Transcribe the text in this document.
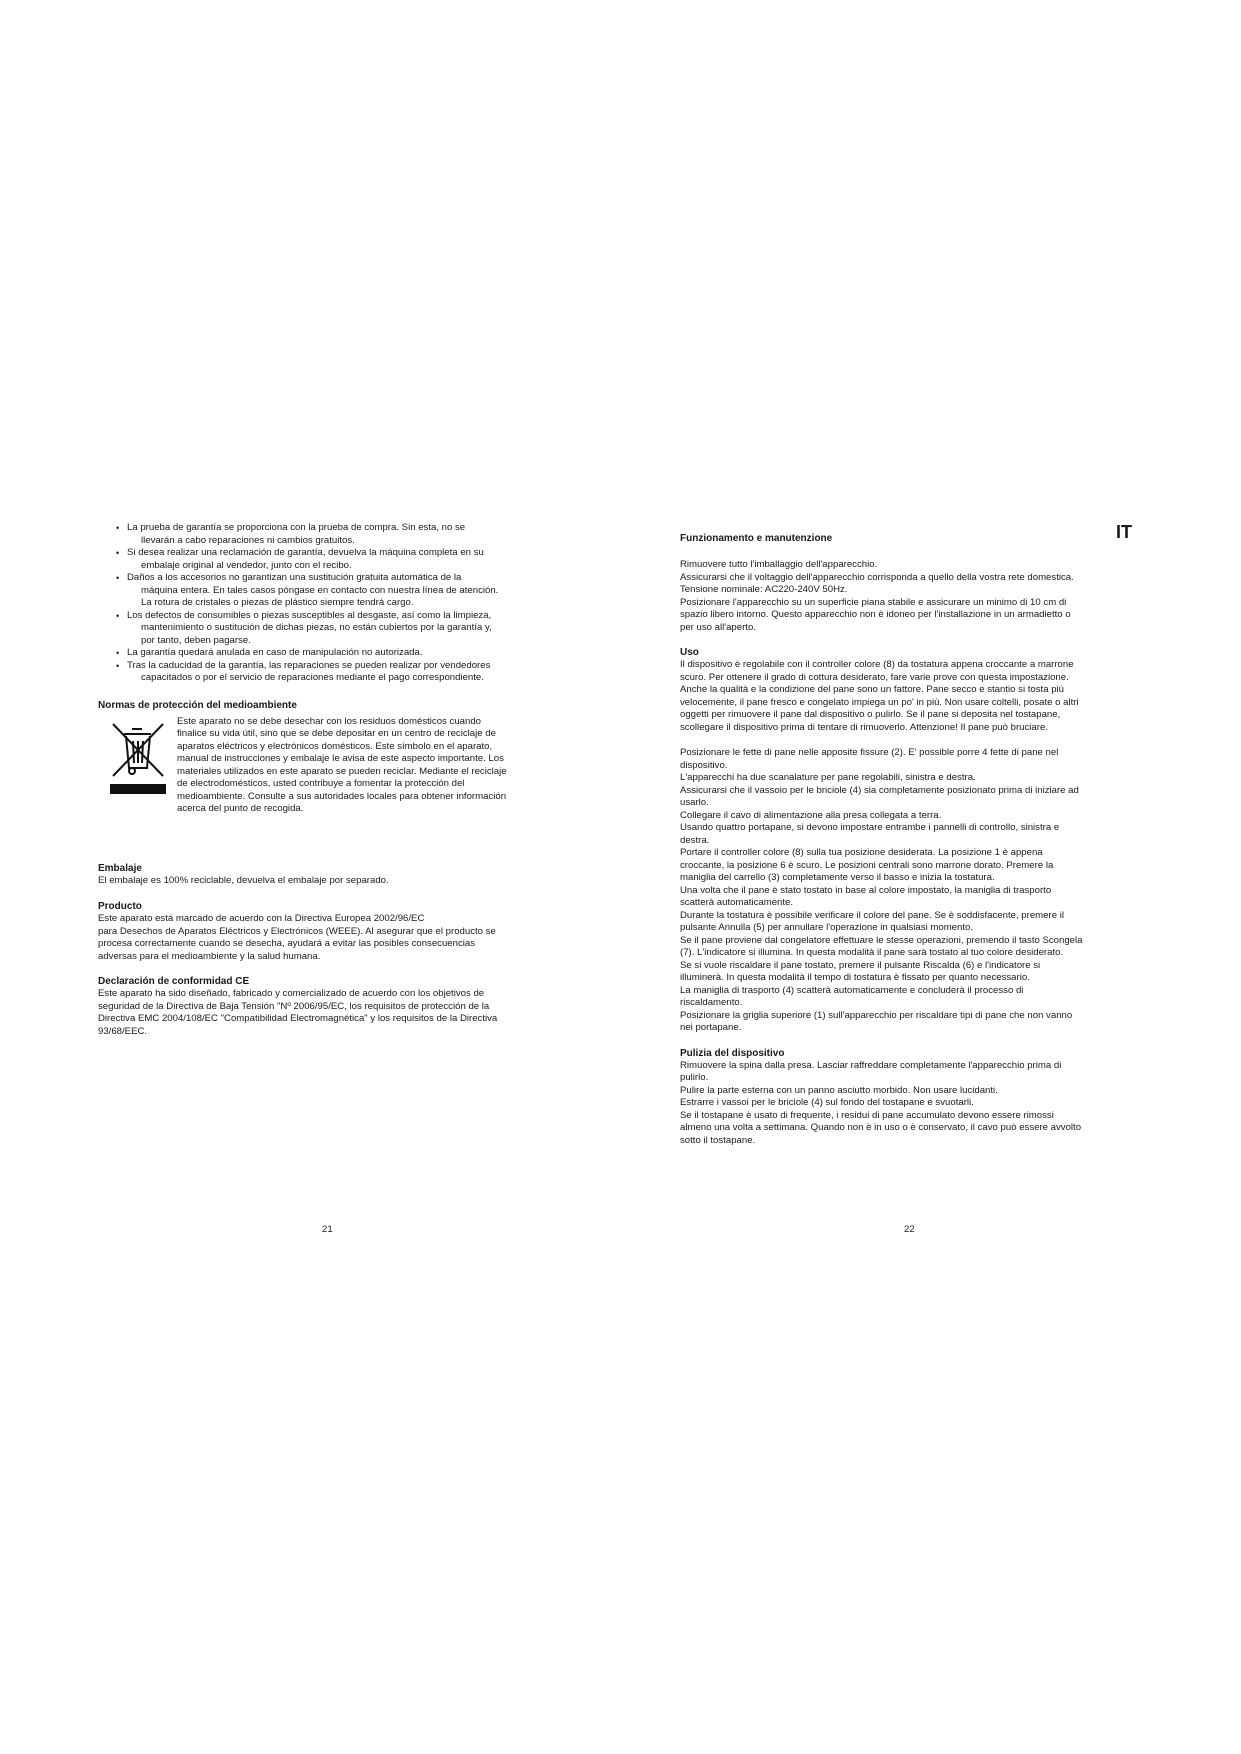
• La prueba de garantía se proporciona con la prueba de compra. Sin esta, no se
llevarán a cabo reparaciones ni cambios gratuitos.
• Si desea realizar una reclamación de garantía, devuelva la máquina completa en su
embalaje original al vendedor, junto con el recibo.
• Daños a los accesorios no garantizan una sustitución gratuita automática de la
máquina entera. En tales casos póngase en contacto con nuestra línea de atención.
La rotura de cristales o piezas de plástico siempre tendrá cargo.
• Los defectos de consumibles o piezas susceptibles al desgaste, así como la limpieza,
mantenimiento o sustitución de dichas piezas, no están cubiertos por la garantía y,
por tanto, deben pagarse.
• La garantía quedará anulada en caso de manipulación no autorizada.
• Tras la caducidad de la garantía, las reparaciones se pueden realizar por vendedores
capacitados o por el servicio de reparaciones mediante el pago correspondiente.
Normas de protección del medioambiente

Este aparato no se debe desechar con los residuos domésticos cuando

finalice su vida útil, sino que se debe depositar en un centro de reciclaje de

aparatos eléctricos y electrónicos domésticos. Este símbolo en el aparato,

manual de instrucciones y embalaje le avisa de este aspecto importante. Los

materiales utilizados en este aparato se pueden reciclar. Mediante el reciclaje

de electrodomésticos, usted contribuye a fomentar la protección del

medioambiente. Consulte a sus autoridades locales para obtener información

acerca del punto de recogida.

Embalaje

El embalaje es 100% reciclable, devuelva el embalaje por separado.

Producto

Este aparato está marcado de acuerdo con la Directiva Europea 2002/96/EC

para Desechos de Aparatos Eléctricos y Electrónicos (WEEE). Al asegurar que el producto se

procesa correctamente cuando se desecha, ayudará a evitar las posibles consecuencias

adversas para el medioambiente y la salud humana.

Declaración de conformidad CE

Este aparato ha sido diseñado, fabricado y comercializado de acuerdo con los objetivos de

seguridad de la Directiva de Baja Tensión "Nº 2006/95/EC, los requisitos de protección de la

Directiva EMC 2004/108/EC "Compatibilidad Electromagnética" y los requisitos de la Directiva

93/68/EEC.

IT
Funzionamento e manutenzione

Rimuovere tutto l'imballaggio dell'apparecchio.

Assicurarsi che il voltaggio dell'apparecchio corrisponda a quello della vostra rete domestica.

Tensione nominale: AC220-240V 50Hz.

Posizionare l'apparecchio su un superficie piana stabile e assicurare un minimo di 10 cm di

spazio libero intorno. Questo apparecchio non è idoneo per l'installazione in un armadietto o

per uso all'aperto.

Uso

Il dispositivo è regolabile con il controller colore (8) da tostatura appena croccante a marrone

scuro. Per ottenere il grado di cottura desiderato, fare varie prove con questa impostazione.

Anche la qualità e la condizione del pane sono un fattore. Pane secco e stantio si tosta più

velocemente, il pane fresco e congelato impiega un po' in più. Non usare coltelli, posate o altri

oggetti per rimuovere il pane dal dispositivo o pulirlo. Se il pane si deposita nel tostapane,

scollegare il dispositivo prima di tentare di rimuoverlo. Attenzione! Il pane può bruciare.

Posizionare le fette di pane nelle apposite fissure (2). E' possible porre 4 fette di pane nel

dispositivo.

L'apparecchi ha due scanalature per pane regolabili, sinistra e destra.

Assicurarsi che il vassoio per le briciole (4) sia completamente posizionato prima di iniziare ad

usarlo.

Collegare il cavo di alimentazione alla presa collegata a terra.

Usando quattro portapane, si devono impostare entrambe i pannelli di controllo, sinistra e

destra.

Portare il controller colore (8) sulla tua posizione desiderata. La posizione 1 è appena

croccante, la posizione 6 è scuro. Le posizioni centrali sono marrone dorato. Premere la

maniglia del carrello (3) completamente verso il basso e inizia la tostatura.

Una volta che il pane è stato tostato in base al colore impostato, la maniglia di trasporto

scatterà automaticamente.

Durante la tostatura è possibile verificare il colore del pane. Se è soddisfacente, premere il

pulsante Annulla (5) per annullare l'operazione in qualsiasi momento.

Se il pane proviene dal congelatore effettuare le stesse operazioni, premendo il tasto Scongela

(7). L'indicatore si illumina. In questa modalità il pane sarà tostato al tuo colore desiderato.

Se si vuole riscaldare il pane tostato, premere il pulsante Riscalda (6) e l'indicatore si

illuminerà. In questa modalità il tempo di tostatura è fissato per quanto necessario.

La maniglia di trasporto (4) scatterà automaticamente e concluderà il processo di

riscaldamento.

Posizionare la griglia superiore (1) sull'apparecchio per riscaldare tipi di pane che non vanno

nei portapane.

Pulizia del dispositivo

Rimuovere la spina dalla presa. Lasciar raffreddare completamente l'apparecchio prima di

pulirlo.

Pulire la parte esterna con un panno asciutto morbido. Non usare lucidanti.

Estrarre i vassoi per le briciole (4) sul fondo del tostapane e svuotarli.

Se il tostapane è usato di frequente, i residui di pane accumulato devono essere rimossi

almeno una volta a settimana. Quando non è in uso o è conservato, il cavo può essere avvolto

sotto il tostapane.

21	22
